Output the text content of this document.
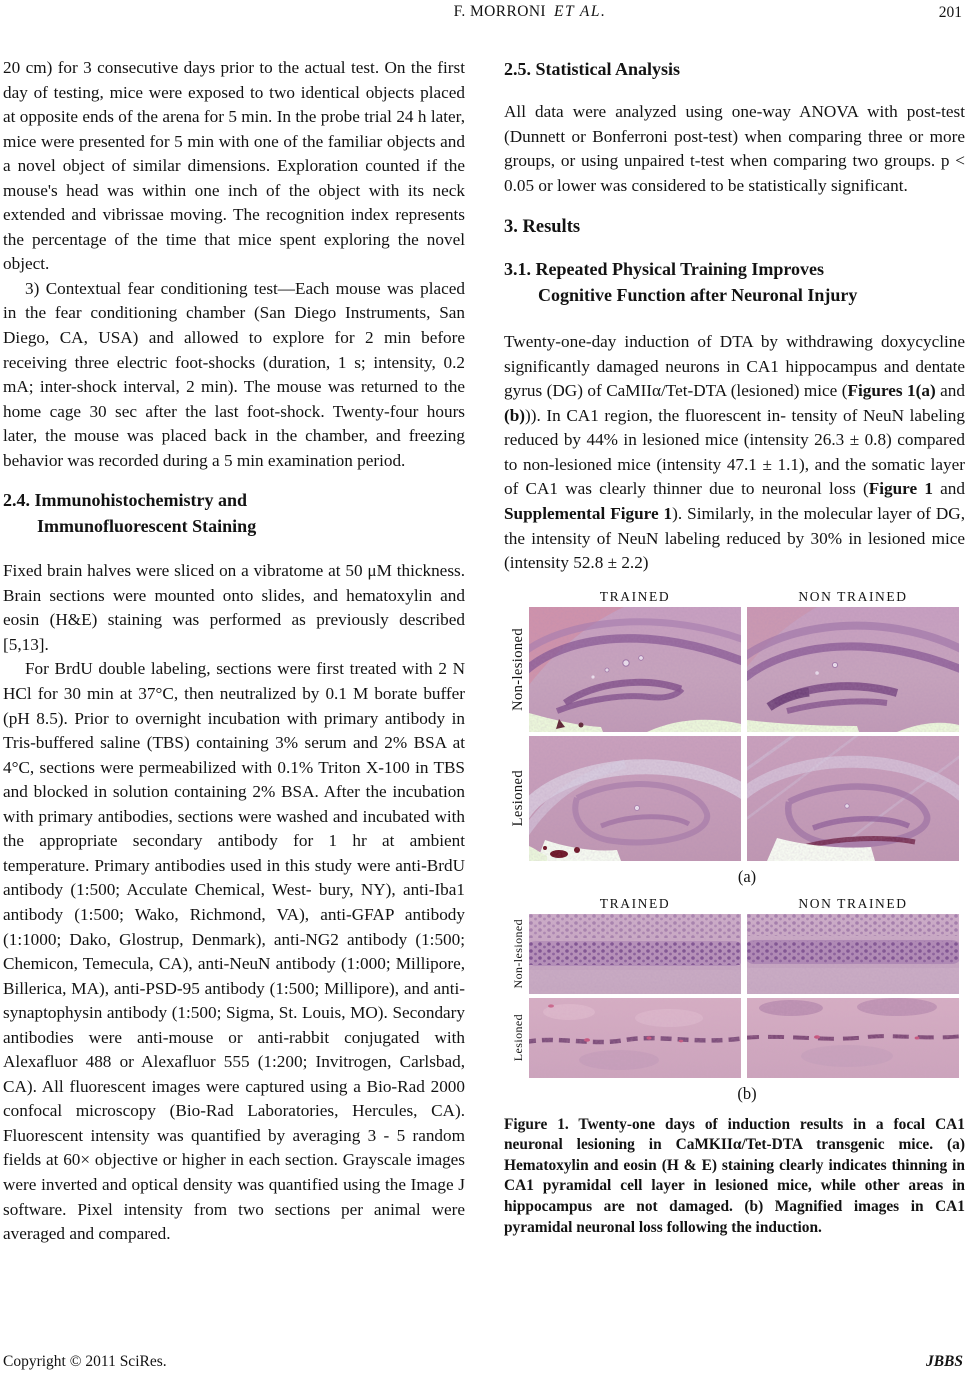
F. MORRONI ET AL.	201

20 cm) for 3 consecutive days prior to the actual test. On the first day of testing, mice were exposed to two identical objects placed at opposite ends of the arena for 5 min. In the probe trial 24 h later, mice were presented for 5 min with one of the familiar objects and a novel object of similar dimensions. Exploration counted if the mouse's head was within one inch of the object with its neck extended and vibrissae moving. The recognition index represents the percentage of the time that mice spent exploring the novel object.

3) Contextual fear conditioning test—Each mouse was placed in the fear conditioning chamber (San Diego Instruments, San Diego, CA, USA) and allowed to explore for 2 min before receiving three electric foot-shocks (duration, 1 s; intensity, 0.2 mA; inter-shock interval, 2 min). The mouse was returned to the home cage 30 sec after the last foot-shock. Twenty-four hours later, the mouse was placed back in the chamber, and freezing behavior was recorded during a 5 min examination period.

2.4. Immunohistochemistry and
Immunofluorescent Staining

Fixed brain halves were sliced on a vibratome at 50 μM thickness. Brain sections were mounted onto slides, and hematoxylin and eosin (H&E) staining was performed as previously described [5,13].

For BrdU double labeling, sections were first treated with 2 N HCl for 30 min at 37°C, then neutralized by 0.1 M borate buffer (pH 8.5). Prior to overnight incubation with primary antibody in Tris-buffered saline (TBS) containing 3% serum and 2% BSA at 4°C, sections were permeabilized with 0.1% Triton X-100 in TBS and blocked in solution containing 2% BSA. After the incubation with primary antibodies, sections were washed and incubated with the appropriate secondary antibody for 1 hr at ambient temperature. Primary antibodies used in this study were anti-BrdU antibody (1:500; Acculate Chemical, West- bury, NY), anti-Iba1 antibody (1:500; Wako, Richmond, VA), anti-GFAP antibody (1:1000; Dako, Glostrup, Denmark), anti-NG2 antibody (1:500; Chemicon, Temecula, CA), anti-NeuN antibody (1:000; Millipore, Billerica, MA), anti-PSD-95 antibody (1:500; Millipore), and anti-synaptophysin antibody (1:500; Sigma, St. Louis, MO). Secondary antibodies were anti-mouse or anti-rabbit conjugated with Alexafluor 488 or Alexafluor 555 (1:200; Invitrogen, Carlsbad, CA). All fluorescent images were captured using a Bio-Rad 2000 confocal microscopy (Bio-Rad Laboratories, Hercules, CA). Fluorescent intensity was quantified by averaging 3 - 5 random fields at 60× objective or higher in each section. Grayscale images were inverted and optical density was quantified using the Image J software. Pixel intensity from two sections per animal were averaged and compared.

2.5. Statistical Analysis

All data were analyzed using one-way ANOVA with post-test (Dunnett or Bonferroni post-test) when comparing three or more groups, or using unpaired t-test when comparing two groups. p < 0.05 or lower was considered to be statistically significant.

3. Results
3.1. Repeated Physical Training Improves
Cognitive Function after Neuronal Injury

Twenty-one-day induction of DTA by withdrawing doxycycline significantly damaged neurons in CA1 hippocampus and dentate gyrus (DG) of CaMIIα/Tet-DTA (lesioned) mice (Figures 1(a) and (b))). In CA1 region, the fluorescent in- tensity of NeuN labeling reduced by 44% in lesioned mice (intensity 26.3 ± 0.8) compared to non-lesioned mice (intensity 47.1 ± 1.1), and the somatic layer of CA1 was clearly thinner due to neuronal loss (Figure 1 and Supplemental Figure 1). Similarly, in the molecular layer of DG, the intensity of NeuN labeling reduced by 30% in lesioned mice (intensity 52.8 ± 2.2)

TRAINED	NON TRAINED
Non-lesioned
Lesioned
(a)
TRAINED	NON TRAINED
Non-lesioned
Lesioned
(b)
Figure 1. Twenty-one days of induction results in a focal CA1 neuronal lesioning in CaMKIIα/Tet-DTA transgenic mice. (a) Hematoxylin and eosin (H & E) staining clearly indicates thinning in CA1 pyramidal cell layer in lesioned mice, while other areas in hippocampus are not damaged. (b) Magnified images in CA1 pyramidal neuronal loss following the induction.
Copyright © 2011 SciRes.	JBBS
